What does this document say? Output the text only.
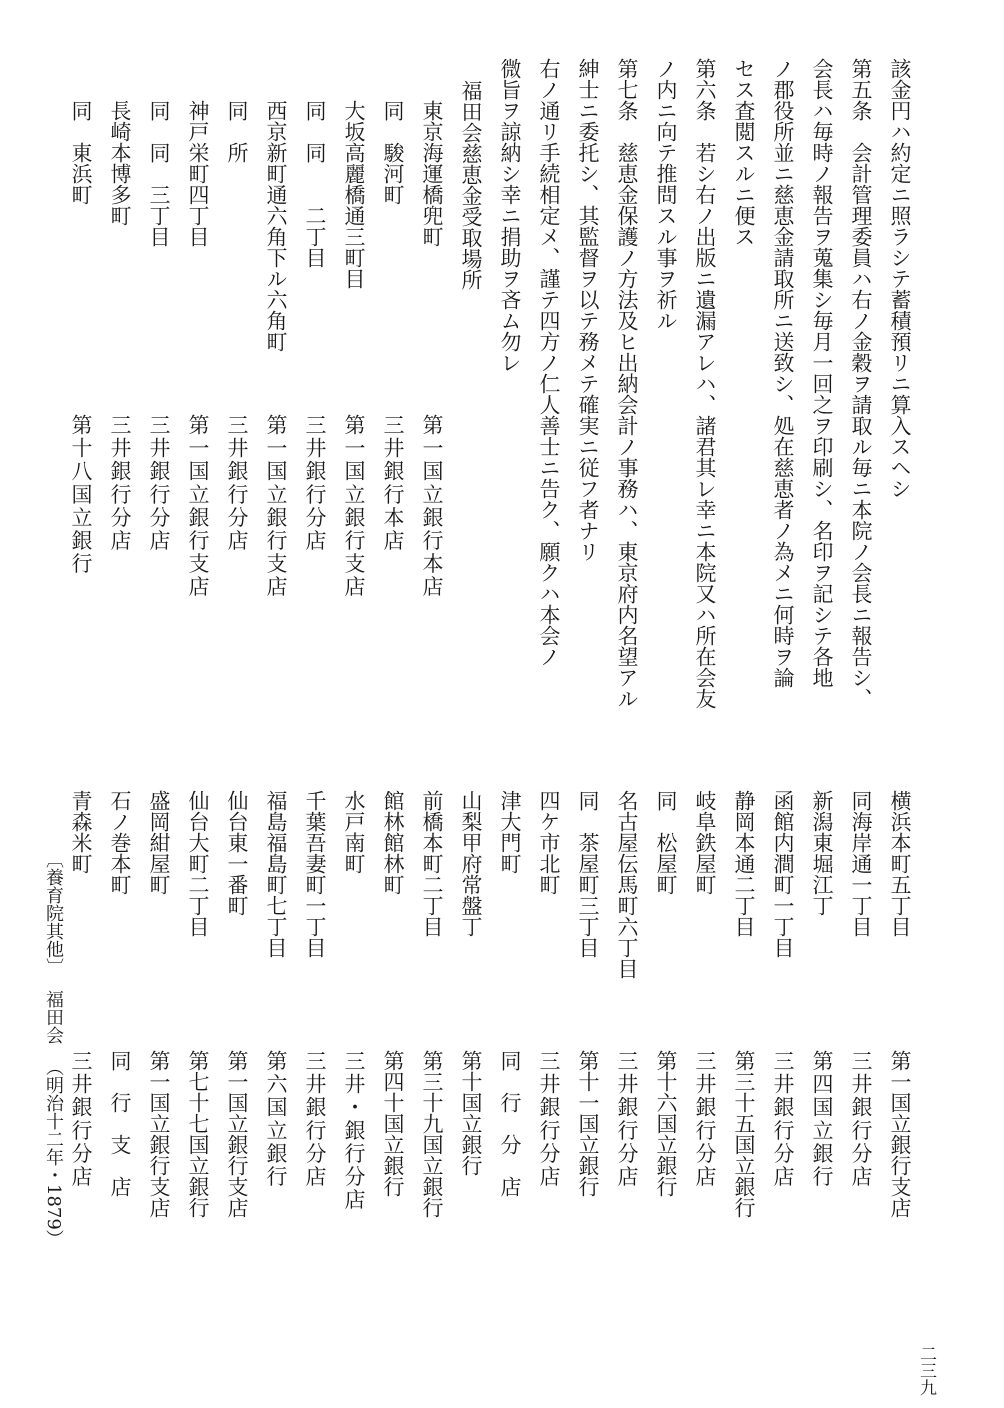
該金円ハ約定ニ照ラシテ蓄積預リニ算入スヘシ
第五条　会計管理委員ハ右ノ金穀ヲ請取ル毎ニ本院ノ会長ニ報告シ、
会長ハ毎時ノ報告ヲ蒐集シ毎月一回之ヲ印刷シ、名印ヲ記シテ各地
ノ郡役所並ニ慈恵金請取所ニ送致シ、処在慈恵者ノ為メニ何時ヲ論
セス査閲スルニ便ス
第六条　若シ右ノ出版ニ遺漏アレハ、諸君其レ幸ニ本院又ハ所在会友
ノ内ニ向テ推問スル事ヲ祈ル
第七条　慈恵金保護ノ方法及ヒ出納会計ノ事務ハ、東京府内名望アル
紳士ニ委托シ、其監督ヲ以テ務メテ確実ニ従フ者ナリ
右ノ通リ手続相定メ、謹テ四方ノ仁人善士ニ告ク、願クハ本会ノ
微旨ヲ諒納シ幸ニ捐助ヲ吝ム勿レ
福田会慈恵金受取場所
東京海運橋兜町
第一国立銀行本店
同　駿河町
三井銀行本店
大坂高麗橋通三町目
第一国立銀行支店
同　同　　二丁目
三井銀行分店
西京新町通六角下ル六角町
第一国立銀行支店
同　所
三井銀行分店
神戸栄町四丁目
第一国立銀行支店
同　同　三丁目
三井銀行分店
長崎本博多町
三井銀行分店
同　東浜町
第十八国立銀行
〔養育院其他〕福田会（明治十二年・1879）
横浜本町五丁目
第一国立銀行支店
同海岸通一丁目
三井銀行分店
新潟東堀江丁
第四国立銀行
函館内澗町一丁目
三井銀行分店
静岡本通二丁目
第三十五国立銀行
岐阜鉄屋町
三井銀行分店
同　松屋町
第十六国立銀行
名古屋伝馬町六丁目
三井銀行分店
同　茶屋町三丁目
第十一国立銀行
四ケ市北町
三井銀行分店
津大門町
同　行　分　店
山梨甲府常盤丁
第十国立銀行
前橋本町二丁目
第三十九国立銀行
館林館林町
第四十国立銀行
水戸南町
三井・銀行分店
千葉吾妻町一丁目
三井銀行分店
福島福島町七丁目
第六国立銀行
仙台東一番町
第一国立銀行支店
仙台大町二丁目
第七十七国立銀行
盛岡紺屋町
第一国立銀行支店
石ノ巻本町
同　行　支　店
青森米町
三井銀行分店
二三九
